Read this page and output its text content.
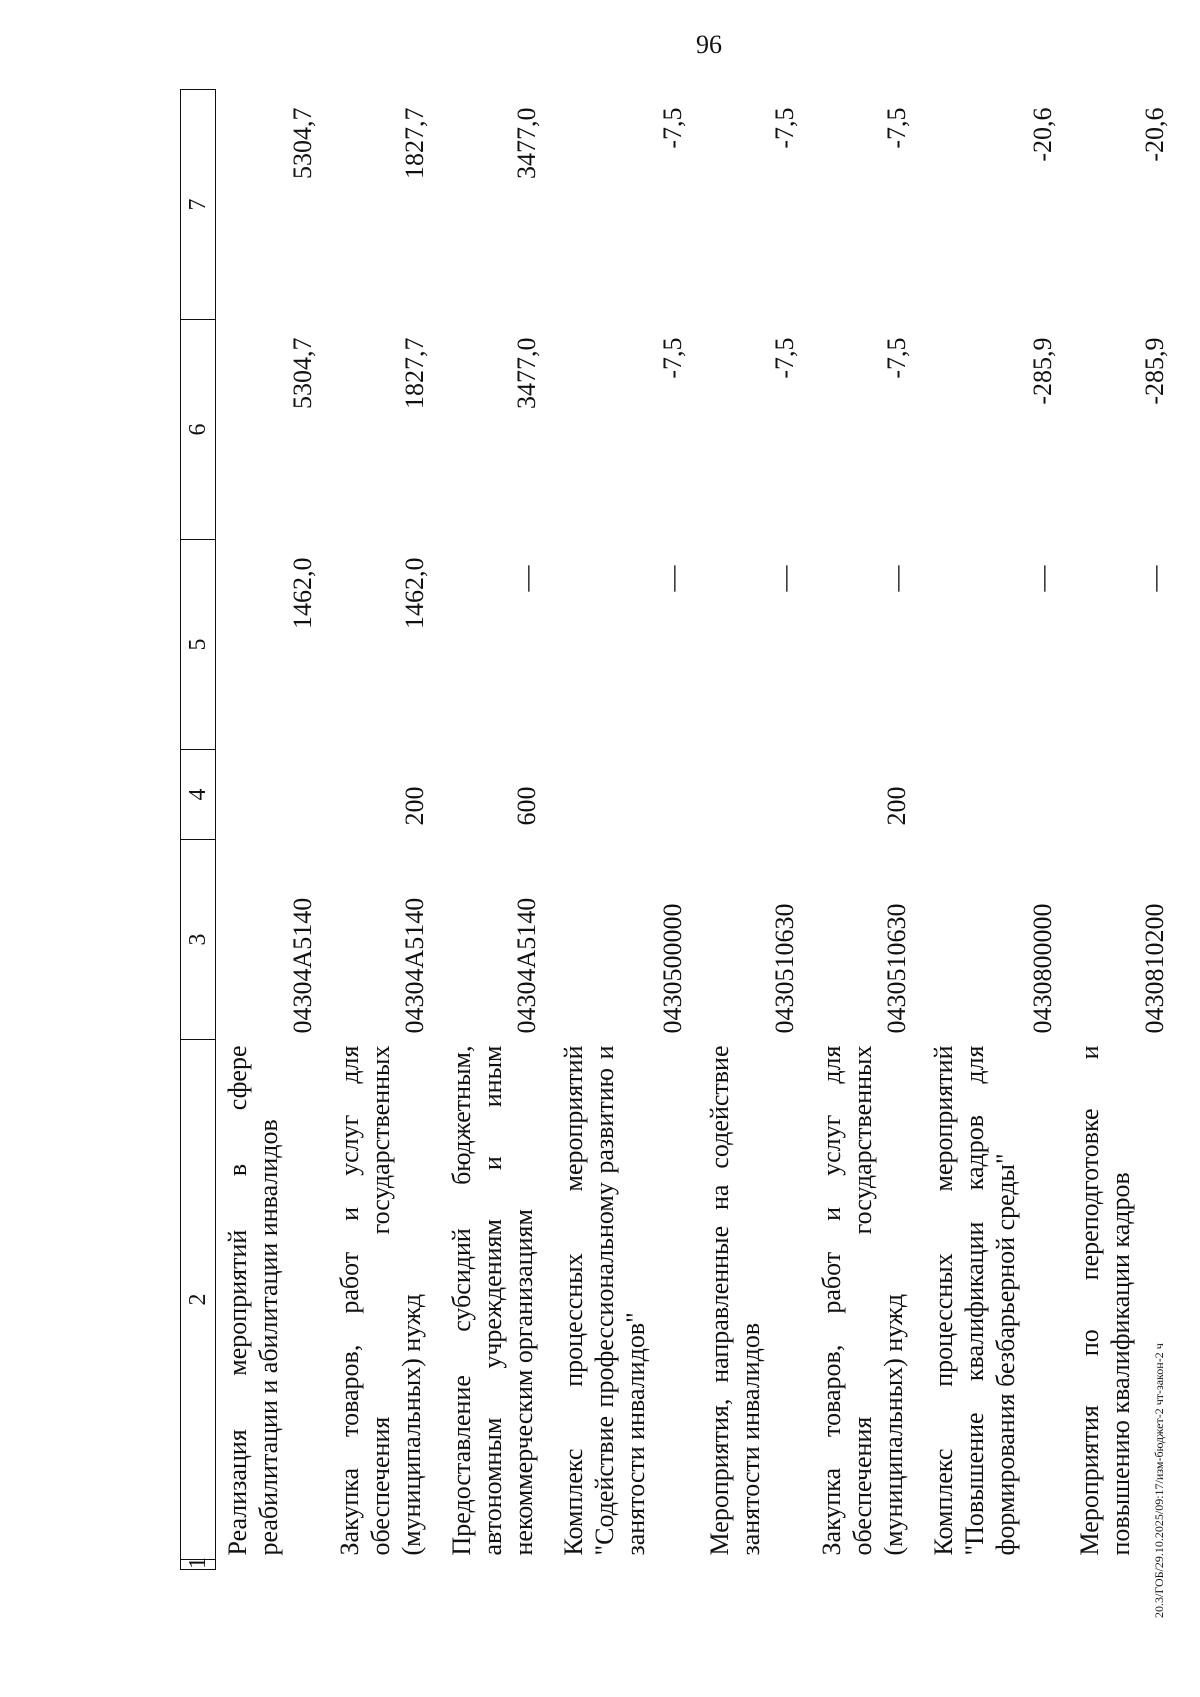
96
1	2	3	4	5	6	7
Реализация мероприятий в сфере реабилитации и абилитации инвалидов		04304А5140		1462,0	5304,7	5304,7
Закупка товаров, работ и услуг для обеспечения государственных (муниципальных) нужд		04304А5140	200	1462,0	1827,7	1827,7
Предоставление субсидий бюджетным, автономным учреждениям и иным некоммерческим организациям		04304А5140	600	—	3477,0	3477,0
Комплекс процессных мероприятий "Содействие профессиональному развитию и занятости инвалидов"		0430500000		—	-7,5	-7,5
Мероприятия, направленные на содействие занятости инвалидов		0430510630		—	-7,5	-7,5
Закупка товаров, работ и услуг для обеспечения государственных (муниципальных) нужд		0430510630	200	—	-7,5	-7,5
Комплекс процессных мероприятий "Повышение квалификации кадров для формирования безбарьерной среды"		0430800000		—	-285,9	-20,6
Мероприятия по переподготовке и повышению квалификации кадров		0430810200		—	-285,9	-20,6
20.3/ГОБ/29.10.2025/09:17/изм-бюджет-2 чт-закон-2 ч
